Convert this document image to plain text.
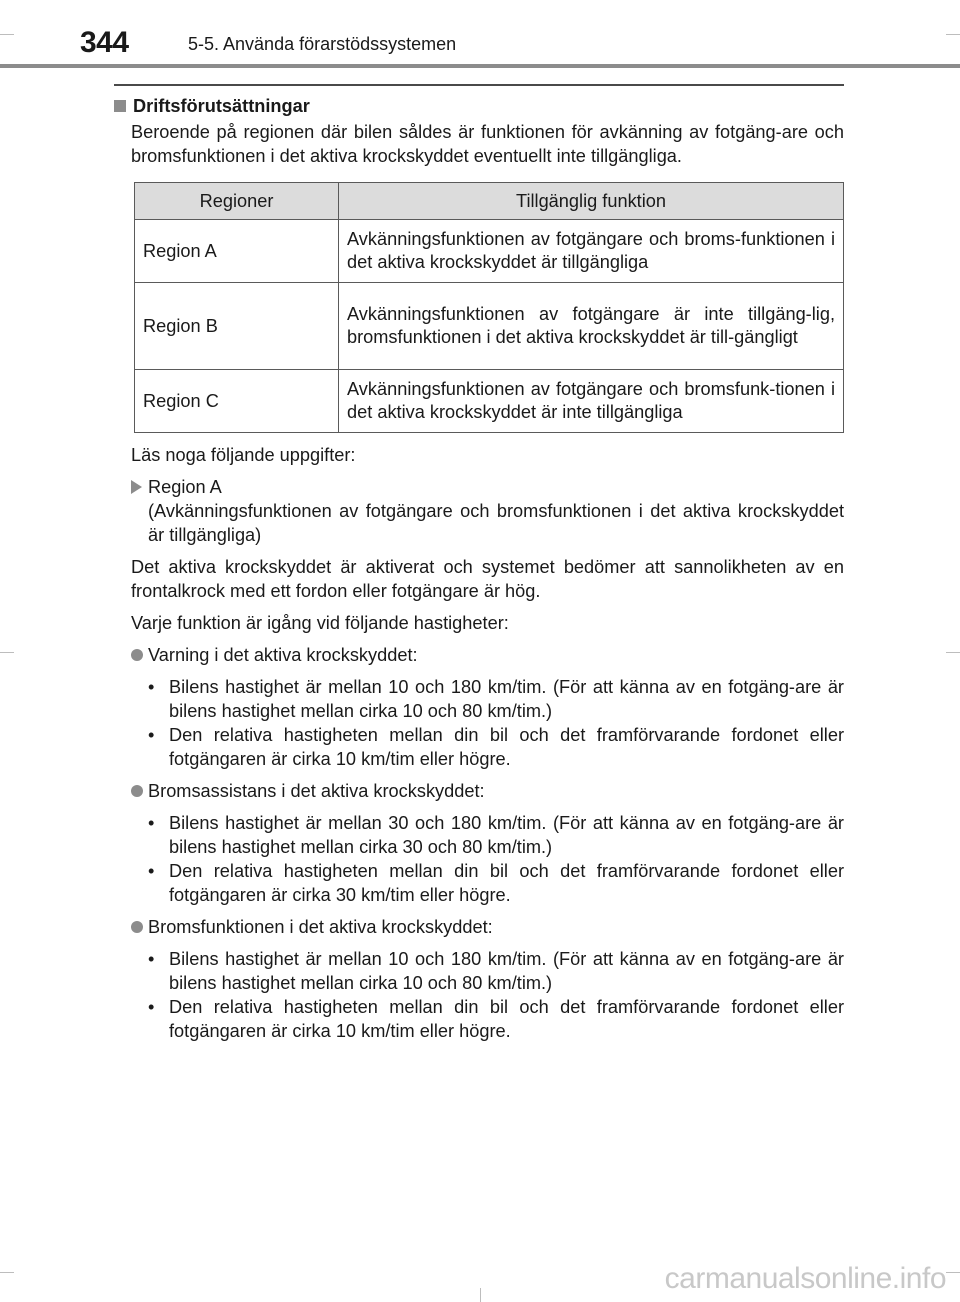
344	5-5. Använda förarstödssystemen
Driftsförutsättningar

Beroende på regionen där bilen såldes är funktionen för avkänning av fotgäng-are och bromsfunktionen i det aktiva krockskyddet eventuellt inte tillgängliga.

Regioner	Tillgänglig funktion
Region A	Avkänningsfunktionen av fotgängare och broms-funktionen i det aktiva krockskyddet är tillgängliga
Region B	Avkänningsfunktionen av fotgängare är inte tillgäng-lig, bromsfunktionen i det aktiva krockskyddet är till-gängligt
Region C	Avkänningsfunktionen av fotgängare och bromsfunk-tionen i det aktiva krockskyddet är inte tillgängliga

Läs noga följande uppgifter:

Region A
(Avkänningsfunktionen av fotgängare och bromsfunktionen i det aktiva krockskyddet är tillgängliga)

Det aktiva krockskyddet är aktiverat och systemet bedömer att sannolikheten av en frontalkrock med ett fordon eller fotgängare är hög.

Varje funktion är igång vid följande hastigheter:

Varning i det aktiva krockskyddet:
• Bilens hastighet är mellan 10 och 180 km/tim. (För att känna av en fotgäng-are är bilens hastighet mellan cirka 10 och 80 km/tim.)
• Den relativa hastigheten mellan din bil och det framförvarande fordonet eller fotgängaren är cirka 10 km/tim eller högre.
Bromsassistans i det aktiva krockskyddet:
• Bilens hastighet är mellan 30 och 180 km/tim. (För att känna av en fotgäng-are är bilens hastighet mellan cirka 30 och 80 km/tim.)
• Den relativa hastigheten mellan din bil och det framförvarande fordonet eller fotgängaren är cirka 30 km/tim eller högre.
Bromsfunktionen i det aktiva krockskyddet:
• Bilens hastighet är mellan 10 och 180 km/tim. (För att känna av en fotgäng-are är bilens hastighet mellan cirka 10 och 80 km/tim.)
• Den relativa hastigheten mellan din bil och det framförvarande fordonet eller fotgängaren är cirka 10 km/tim eller högre.
carmanualsonline.info
